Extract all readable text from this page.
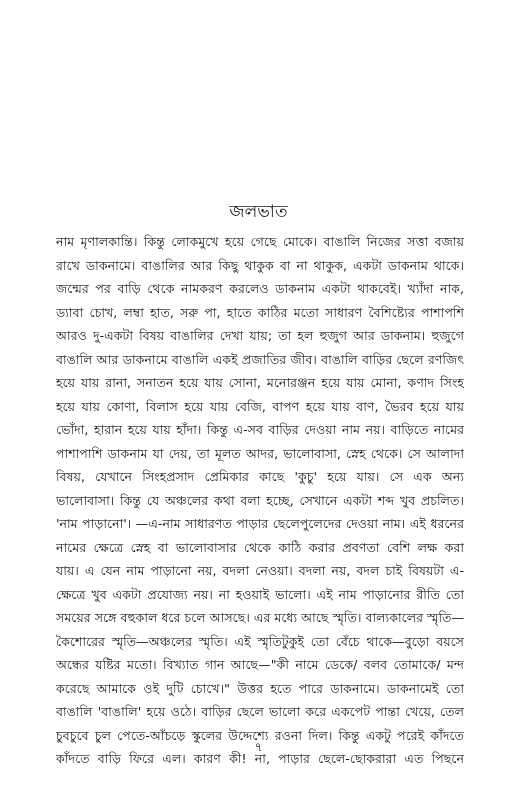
জলভাত
নাম মৃণালকান্তি। কিন্তু লোকমুখে হয়ে গেছে মোকে। বাঙালি নিজের সত্তা বজায়
রাখে ডাকনামে। বাঙালির আর কিছু থাকুক বা না থাকুক, একটা ডাকনাম থাকে।
জন্মের পর বাড়ি থেকে নামকরণ করলেও ডাকনাম একটা থাকবেই। খ্যাঁদা নাক,
ড্যাবা চোখ, লম্বা হাত, সরু পা, হাতে কাঠির মতো সাধারণ বৈশিষ্ট্যের পাশাপশি
আরও দু-একটা বিষয় বাঙালির দেখা যায়; তা হল হুজুগ আর ডাকনাম। হুজুগে
বাঙালি আর ডাকনামে বাঙালি একই প্রজাতির জীব। বাঙালি বাড়ির ছেলে রণজিৎ
হয়ে যায় রানা, সনাতন হয়ে যায় সোনা, মনোরঞ্জন হয়ে যায় মোনা, কণাদ সিংহ
হয়ে যায় কোণা, বিলাস হয়ে যায় বেজি, বাপণ হয়ে যায় বাণ, ভৈরব হয়ে যায়
ভোঁদা, হারান হয়ে যায় হাঁদা। কিন্তু এ-সব বাড়ির দেওয়া নাম নয়। বাড়িতে নামের
পাশাপাশি ডাকনাম যা দেয়, তা মূলত আদর, ভালোবাসা, স্নেহ থেকে। সে আলাদা
বিষয়, যেখানে সিংহপ্রসাদ প্রেমিকার কাছে 'কুচু' হয়ে যায়। সে এক অন্য
ভালোবাসা। কিন্তু যে অঞ্চলের কথা বলা হচ্ছে, সেখানে একটা শব্দ খুব প্রচলিত।
'নাম পাড়ানো'। —এ-নাম সাধারণত পাড়ার ছেলেপুলেদের দেওয়া নাম। এই ধরনের
নামের ক্ষেত্রে স্নেহ বা ভালোবাসার থেকে কাঠি করার প্রবণতা বেশি লক্ষ করা
যায়। এ যেন নাম পাড়ানো নয়, বদলা নেওয়া। বদলা নয়, বদল চাই বিষয়টা এ-
ক্ষেত্রে খুব একটা প্রযোজ্য নয়। না হওয়াই ভালো। এই নাম পাড়ানোর রীতি তো
সময়ের সঙ্গে বহুকাল ধরে চলে আসছে। এর মধ্যে আছে স্মৃতি। বাল্যকালের স্মৃতি—
কৈশোরের স্মৃতি—অঞ্চলের স্মৃতি। এই স্মৃতিটুকুই তো বেঁচে থাকে—বুড়ো বয়সে
অন্ধের যষ্টির মতো। বিখ্যাত গান আছে—"কী নামে ডেকে/ বলব তোমাকে/ মন্দ
করেছে আমাকে ওই দুটি চোখে।" উত্তর হতে পারে ডাকনামে। ডাকনামেই তো
বাঙালি 'বাঙালি' হয়ে ওঠে। বাড়ির ছেলে ভালো করে একপেট পান্তা খেয়ে, তেল
চুবচুবে চুল পেতে-আঁচড়ে স্কুলের উদ্দেশ্যে রওনা দিল। কিন্তু একটু পরেই কাঁদতে
কাঁদতে বাড়ি ফিরে এল। কারণ কী! না, পাড়ার ছেলে-ছোকরারা এত পিছনে
৭
